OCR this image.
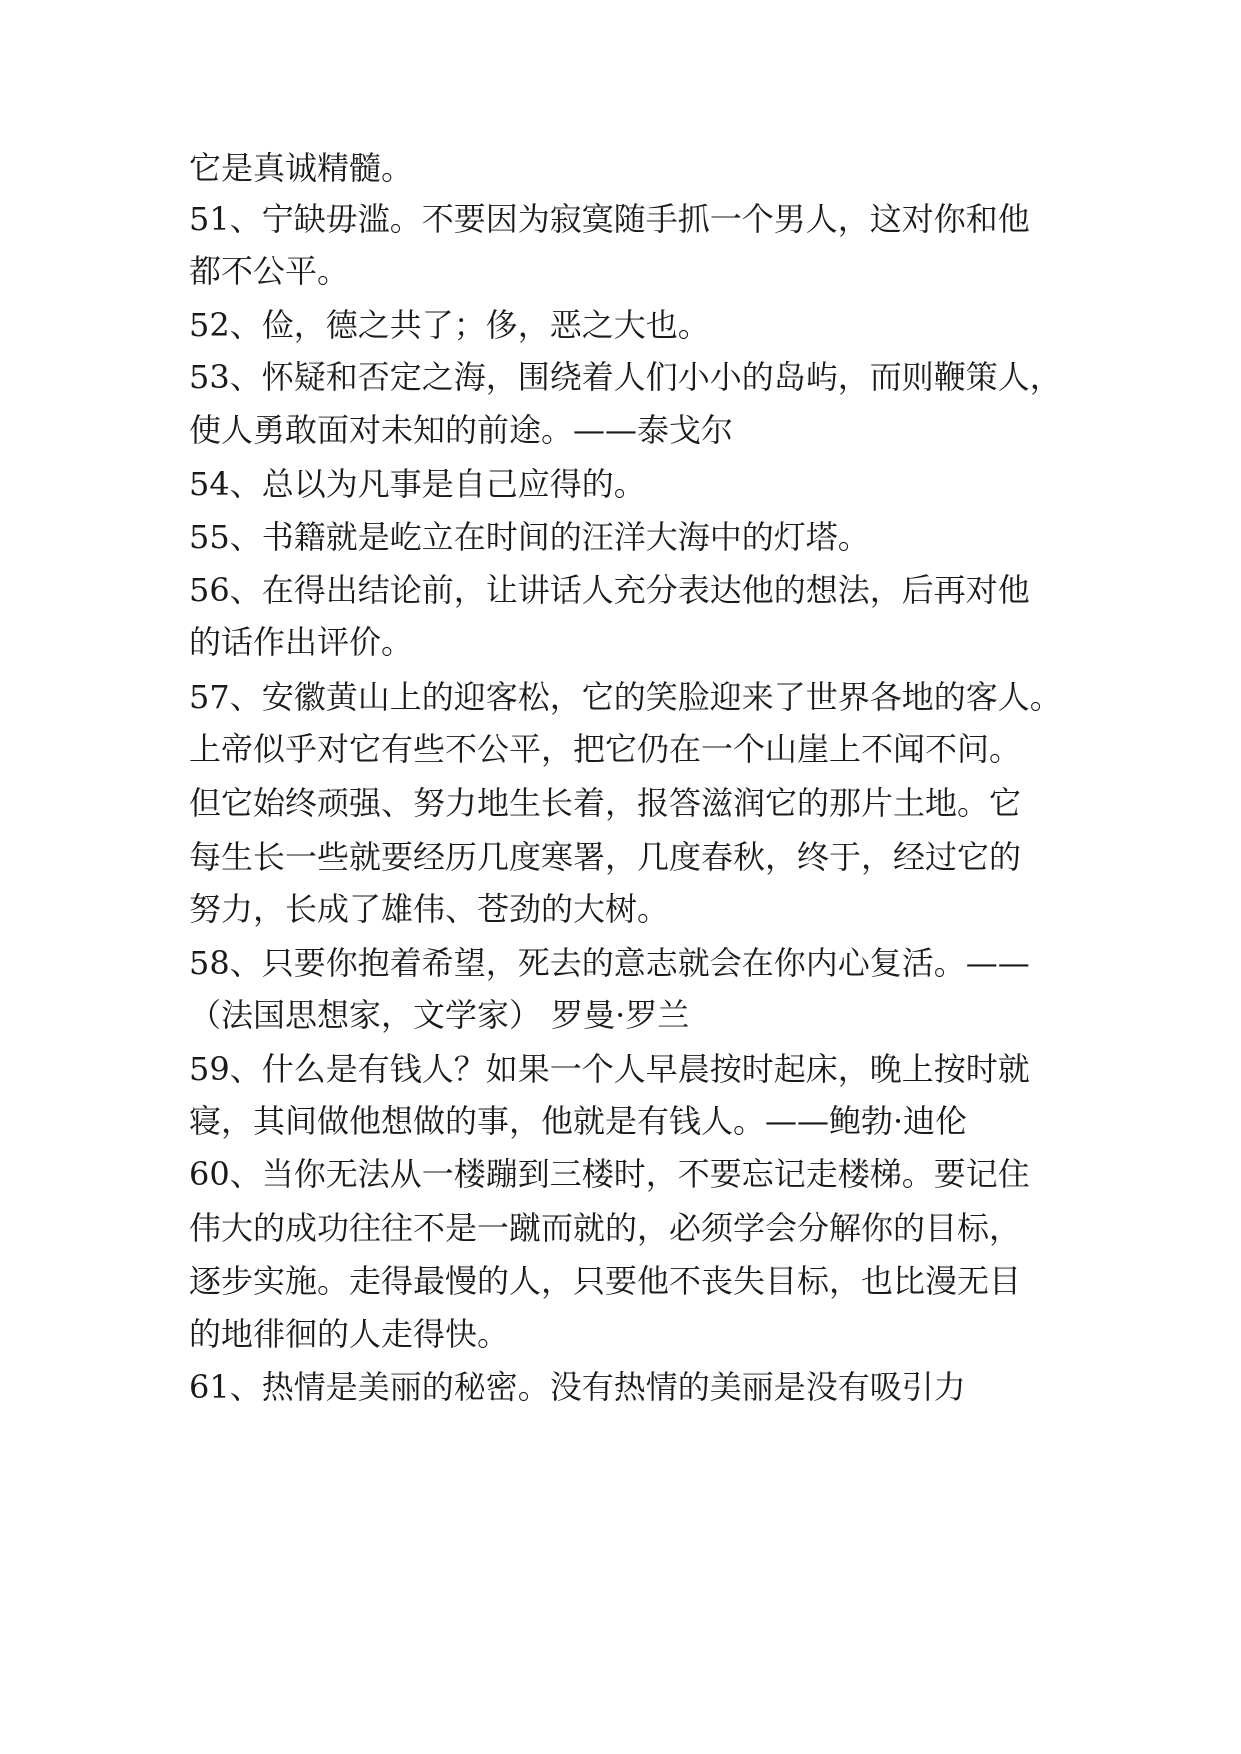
它是真诚精髓。
51、宁缺毋滥。不要因为寂寞随手抓一个男人，这对你和他
都不公平。
52、俭，德之共了；侈，恶之大也。
53、怀疑和否定之海，围绕着人们小小的岛屿，而则鞭策人，
使人勇敢面对未知的前途。——泰戈尔
54、总以为凡事是自己应得的。
55、书籍就是屹立在时间的汪洋大海中的灯塔。
56、在得出结论前，让讲话人充分表达他的想法，后再对他
的话作出评价。
57、安徽黄山上的迎客松，它的笑脸迎来了世界各地的客人。
上帝似乎对它有些不公平，把它仍在一个山崖上不闻不问。
但它始终顽强、努力地生长着，报答滋润它的那片土地。它
每生长一些就要经历几度寒署，几度春秋，终于，经过它的
努力，长成了雄伟、苍劲的大树。
58、只要你抱着希望，死去的意志就会在你内心复活。——
（法国思想家，文学家） 罗曼·罗兰
59、什么是有钱人？如果一个人早晨按时起床，晚上按时就
寝，其间做他想做的事，他就是有钱人。——鲍勃·迪伦
60、当你无法从一楼蹦到三楼时，不要忘记走楼梯。要记住
伟大的成功往往不是一蹴而就的，必须学会分解你的目标，
逐步实施。走得最慢的人，只要他不丧失目标，也比漫无目
的地徘徊的人走得快。
61、热情是美丽的秘密。没有热情的美丽是没有吸引力
